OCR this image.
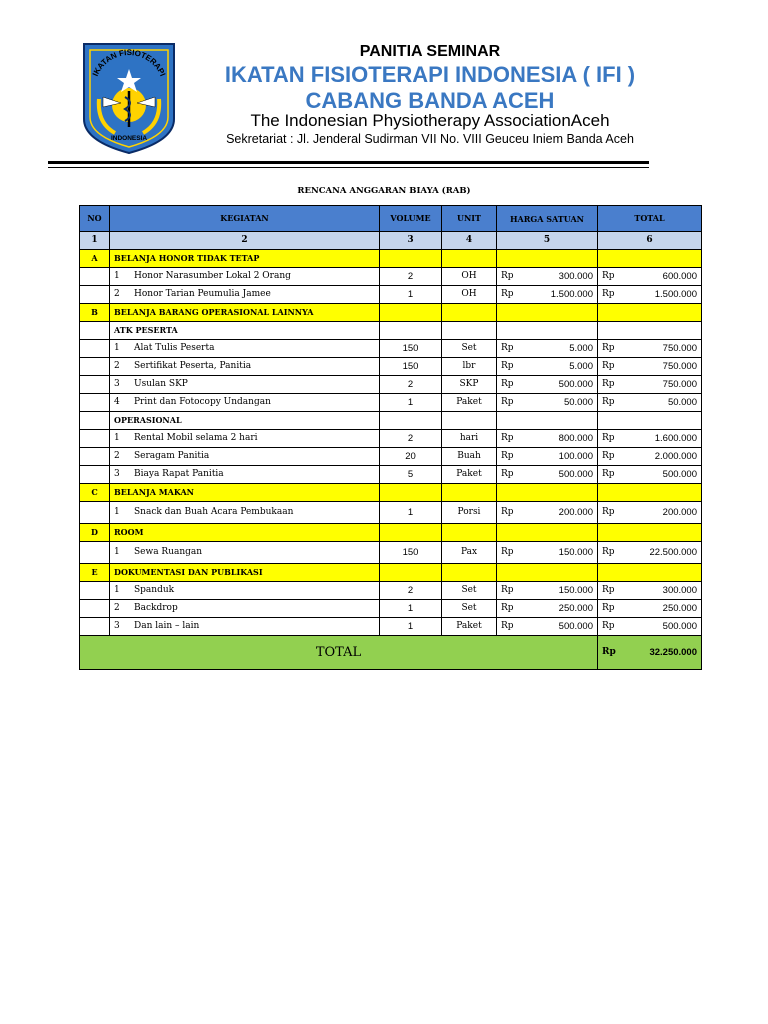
IKATAN FISIOTERAPI
INDONESIA
PANITIA SEMINAR
IKATAN FISIOTERAPI INDONESIA ( IFI )
CABANG BANDA ACEH
The Indonesian Physiotherapy AssociationAceh
Sekretariat : Jl. Jenderal Sudirman VII No. VIII Geuceu Iniem Banda Aceh
RENCANA ANGGARAN BIAYA (RAB)
NO	KEGIATAN	VOLUME	UNIT	HARGA SATUAN	TOTAL
1	2	3	4	5	6
A	BELANJA HONOR TIDAK TETAP				

	1 Honor Narasumber Lokal 2 Orang	2	OH	Rp 300.000	Rp 600.000

	2 Honor Tarian Peumulia Jamee	1	OH	Rp 1.500.000	Rp 1.500.000

B	BELANJA BARANG OPERASIONAL LAINNYA				
	ATK PESERTA				

	1 Alat Tulis Peserta	150	Set	Rp 5.000	Rp 750.000

	2 Sertifikat Peserta, Panitia	150	lbr	Rp 5.000	Rp 750.000

	3 Usulan SKP	2	SKP	Rp 500.000	Rp 750.000

	4 Print dan Fotocopy Undangan	1	Paket	Rp 50.000	Rp 50.000

	OPERASIONAL				

	1 Rental Mobil selama 2 hari	2	hari	Rp 800.000	Rp 1.600.000

	2 Seragam Panitia	20	Buah	Rp 100.000	Rp 2.000.000

	3 Biaya Rapat Panitia	5	Paket	Rp 500.000	Rp 500.000

C	BELANJA MAKAN				

	1 Snack dan Buah Acara Pembukaan	1	Porsi	Rp 200.000	Rp 200.000

D	ROOM				

	1 Sewa Ruangan	150	Pax	Rp 150.000	Rp 22.500.000

E	DOKUMENTASI DAN PUBLIKASI				

	1 Spanduk	2	Set	Rp 150.000	Rp 300.000

	2 Backdrop	1	Set	Rp 250.000	Rp 250.000

	3 Dan lain – lain	1	Paket	Rp 500.000	Rp 500.000

TOTAL					Rp 32.250.000
